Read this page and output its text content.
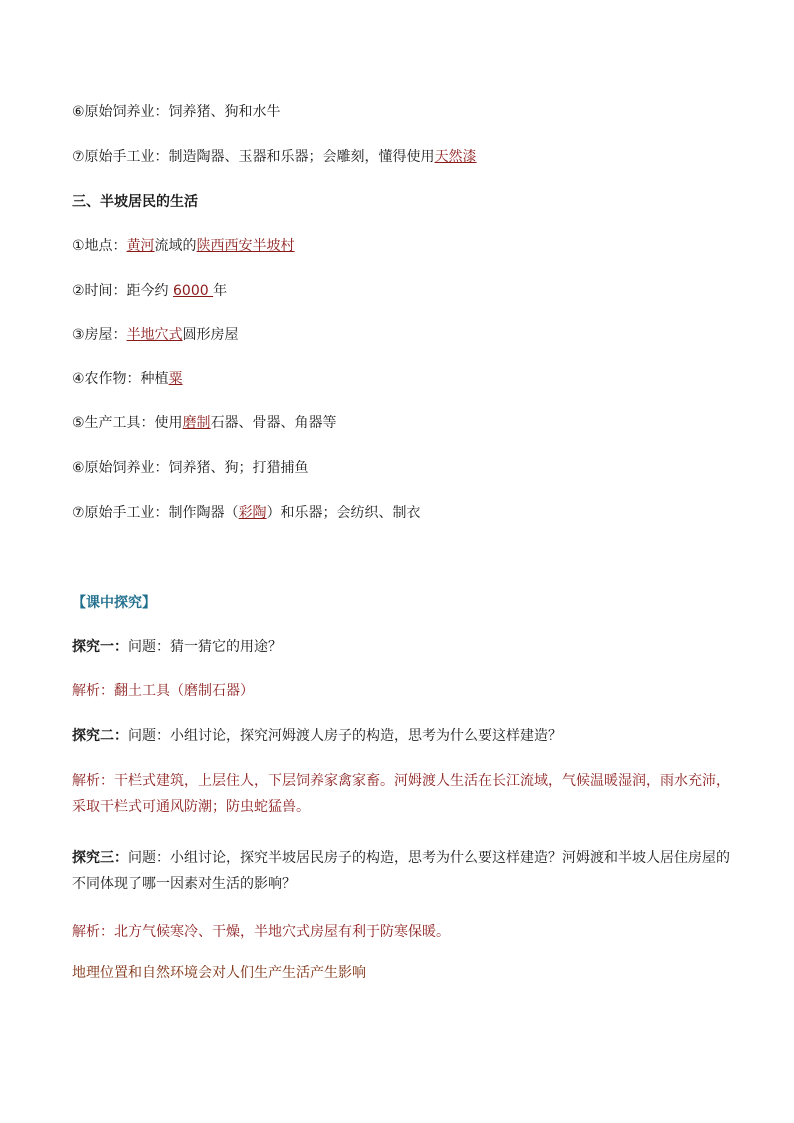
⑥原始饲养业：饲养猪、狗和水牛
⑦原始手工业：制造陶器、玉器和乐器；会雕刻，懂得使用天然漆
三、半坡居民的生活
①地点：黄河流域的陕西西安半坡村
②时间：距今约 6000 年
③房屋：半地穴式圆形房屋
④农作物：种植粟
⑤生产工具：使用磨制石器、骨器、角器等
⑥原始饲养业：饲养猪、狗；打猎捕鱼
⑦原始手工业：制作陶器（彩陶）和乐器；会纺织、制衣
【课中探究】
探究一：问题：猜一猜它的用途？
解析：翻土工具（磨制石器）
探究二：问题：小组讨论，探究河姆渡人房子的构造，思考为什么要这样建造？
解析：干栏式建筑，上层住人，下层饲养家禽家畜。河姆渡人生活在长江流域，气候温暖湿润，雨水充沛，采取干栏式可通风防潮；防虫蛇猛兽。
探究三：问题：小组讨论，探究半坡居民房子的构造，思考为什么要这样建造？河姆渡和半坡人居住房屋的不同体现了哪一因素对生活的影响？
解析：北方气候寒冷、干燥，半地穴式房屋有利于防寒保暖。
地理位置和自然环境会对人们生产生活产生影响
